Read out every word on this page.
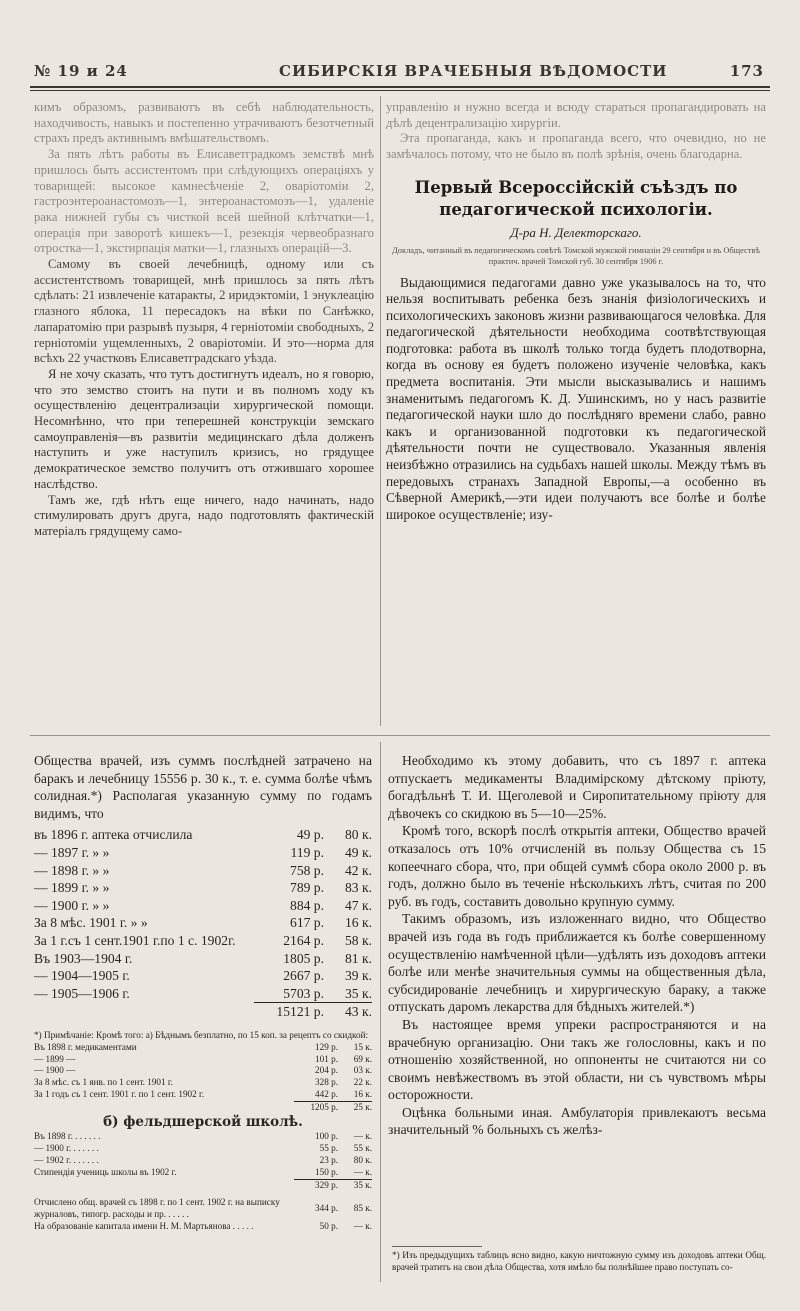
№ 19 и 24	СИБИРСКІЯ ВРАЧЕБНЫЯ ВѢДОМОСТИ	173

кимъ образомъ, развиваютъ въ себѣ наблюдательность, находчивость, навыкъ и постепенно утрачиваютъ безотчетный страхъ предъ активнымъ вмѣшательствомъ.

За пять лѣтъ работы въ Елисаветградкомъ земствѣ мнѣ пришлось быть ассистентомъ при слѣдующихъ операціяхъ у товарищей: высокое камнесѣченіе 2, оваріотоміи 2, гастроэнтероанастомозъ—1, энтероанастомозъ—1, удаленіе рака нижней губы съ чисткой всей шейной клѣтчатки—1, операція при заворотѣ кишекъ—1, резекція червеобразнаго отростка—1, экстирпація матки—1, глазныхъ операцій—3.

Самому въ своей лечебницѣ, одному или съ ассистентствомъ товарищей, мнѣ пришлось за пять лѣтъ сдѣлать: 21 извлеченіе катаракты, 2 иридэктоміи, 1 энуклеацію глазного яблока, 11 пересадокъ на вѣки по Санѣжко, лапаратомію при разрывѣ пузыря, 4 герніотоміи свободныхъ, 2 герніотоміи ущемленныхъ, 2 оваріотоміи. И это—норма для всѣхъ 22 участковъ Елисаветградскаго уѣзда.

Я не хочу сказать, что тутъ достигнутъ идеалъ, но я говорю, что это земство стоитъ на пути и въ полномъ ходу къ осуществленію децентрализаціи хирургической помощи. Несомнѣнно, что при теперешней конструкціи земскаго самоуправленія—въ развитіи медицинскаго дѣла долженъ наступить и уже наступилъ кризисъ, но грядущее демократическое земство получитъ отъ отжившаго хорошее наслѣдство.

Тамъ же, гдѣ нѣтъ еще ничего, надо начинать, надо стимулировать другъ друга, надо подготовлять фактическій матеріалъ грядущему само-

управленію и нужно всегда и всюду стараться пропагандировать на дѣлѣ децентрализацію хирургіи.

Эта пропаганда, какъ и пропаганда всего, что очевидно, но не замѣчалось потому, что не было въ полѣ зрѣнія, очень благодарна.

Первый Всероссійскій съѣздъ по педагогической психологіи.
Д-ра Н. Делекторскаго.
Докладъ, читанный въ педагогическомъ совѣтѣ Томской мужской гимназіи 29 сентября и въ Обществѣ практич. врачей Томской губ. 30 сентября 1906 г.

Выдающимися педагогами давно уже указывалось на то, что нельзя воспитывать ребенка безъ знанія физіологическихъ и психологическихъ законовъ жизни развивающагося человѣка. Для педагогической дѣятельности необходима соотвѣтствующая подготовка: работа въ школѣ только тогда будетъ плодотворна, когда въ основу ея будетъ положено изученіе человѣка, какъ предмета воспитанія. Эти мысли высказывались и нашимъ знаменитымъ педагогомъ К. Д. Ушинскимъ, но у насъ развитіе педагогической науки шло до послѣдняго времени слабо, равно какъ и организованной подготовки къ педагогической дѣятельности почти не существовало. Указанныя явленія неизбѣжно отразились на судьбахъ нашей школы. Между тѣмъ въ передовыхъ странахъ Западной Европы,—а особенно въ Сѣверной Америкѣ,—эти идеи получаютъ все болѣе и болѣе широкое осуществленіе; изу-

Общества врачей, изъ суммъ послѣдней затрачено на баракъ и лечебницу 15556 р. 30 к., т. е. сумма болѣе чѣмъ солидная.*) Располагая указанную сумму по годамъ видимъ, что

въ 1896 г. аптека отчислила	49 р.	80 к.
— 1897 г. » »	119 р.	49 к.
— 1898 г. » »	758 р.	42 к.
— 1899 г. » »	789 р.	83 к.
— 1900 г. » »	884 р.	47 к.
За 8 мѣс. 1901 г. » »	617 р.	16 к.
За 1 г.съ 1 сент.1901 г.по 1 с. 1902г.	2164 р.	58 к.
Въ 1903—1904 г.	1805 р.	81 к.
— 1904—1905 г.	2667 р.	39 к.
— 1905—1906 г.	5703 р.	35 к.
	15121 р.	43 к.
*) Примѣчаніе: Кромѣ того: а) Бѣднымъ безплатно, по 15 коп. за рецептъ со скидкой:
Въ 1898 г. медикаментами	129 р.	15 к.
— 1899 —	101 р.	69 к.
— 1900 —	204 р.	03 к.
За 8 мѣс. съ 1 янв. по 1 сент. 1901 г.	328 р.	22 к.
За 1 годъ съ 1 сент. 1901 г. по 1 сент. 1902 г.	442 р.	16 к.
	1205 р.	25 к.
б) фельдшерской школѣ.
Въ 1898 г. . . . . . .	100 р.	— к.
— 1900 г. . . . . . .	55 р.	55 к.
— 1902 г. . . . . . .	23 р.	80 к.
Стипендія учениць школы въ 1902 г.	150 р.	— к.
	329 р.	35 к.
Отчислено общ. врачей съ 1898 г. по 1 сент. 1902 г. на выписку журналовъ, типогр. расходы и пр. . . . . .	344 р.	85 к.
На образованіе капитала имени Н. М. Мартьянова . . . . .	50 р.	— к.

Необходимо къ этому добавить, что съ 1897 г. аптека отпускаетъ медикаменты Владимірскому дѣтскому пріюту, богадѣльнѣ Т. И. Щеголевой и Сиропитательному пріюту для дѣвочекъ со скидкою въ 5—10—25%.

Кромѣ того, вскорѣ послѣ открытія аптеки, Общество врачей отказалось отъ 10% отчисленій въ пользу Общества съ 15 копеечнаго сбора, что, при общей суммѣ сбора около 2000 р. въ годъ, должно было въ теченіе нѣсколькихъ лѣтъ, считая по 200 руб. въ годъ, составить довольно крупную сумму.

Такимъ образомъ, изъ изложеннаго видно, что Общество врачей изъ года въ годъ приближается къ болѣе совершенному осуществленію намѣченной цѣли—удѣлять изъ доходовъ аптеки болѣе или менѣе значительныя суммы на общественныя дѣла, субсидированіе лечебницъ и хирургическую бараку, а также отпускать даромъ лекарства для бѣдныхъ жителей.*)

Въ настоящее время упреки распространяются и на врачебную организацію. Они такъ же голословны, какъ и по отношенію хозяйственной, но оппоненты не считаются ни со своимъ невѣжествомъ въ этой области, ни съ чувствомъ мѣры осторожности.

Оцѣнка больными иная. Амбулаторія привлекаютъ весьма значительный % больныхъ съ желѣз-

*) Изъ предыдущихъ таблицъ ясно видно, какую ничтожную сумму изъ доходовъ аптеки Общ. врачей тратитъ на свои дѣла Общества, хотя имѣло бы полнѣйшее право поступать со-
